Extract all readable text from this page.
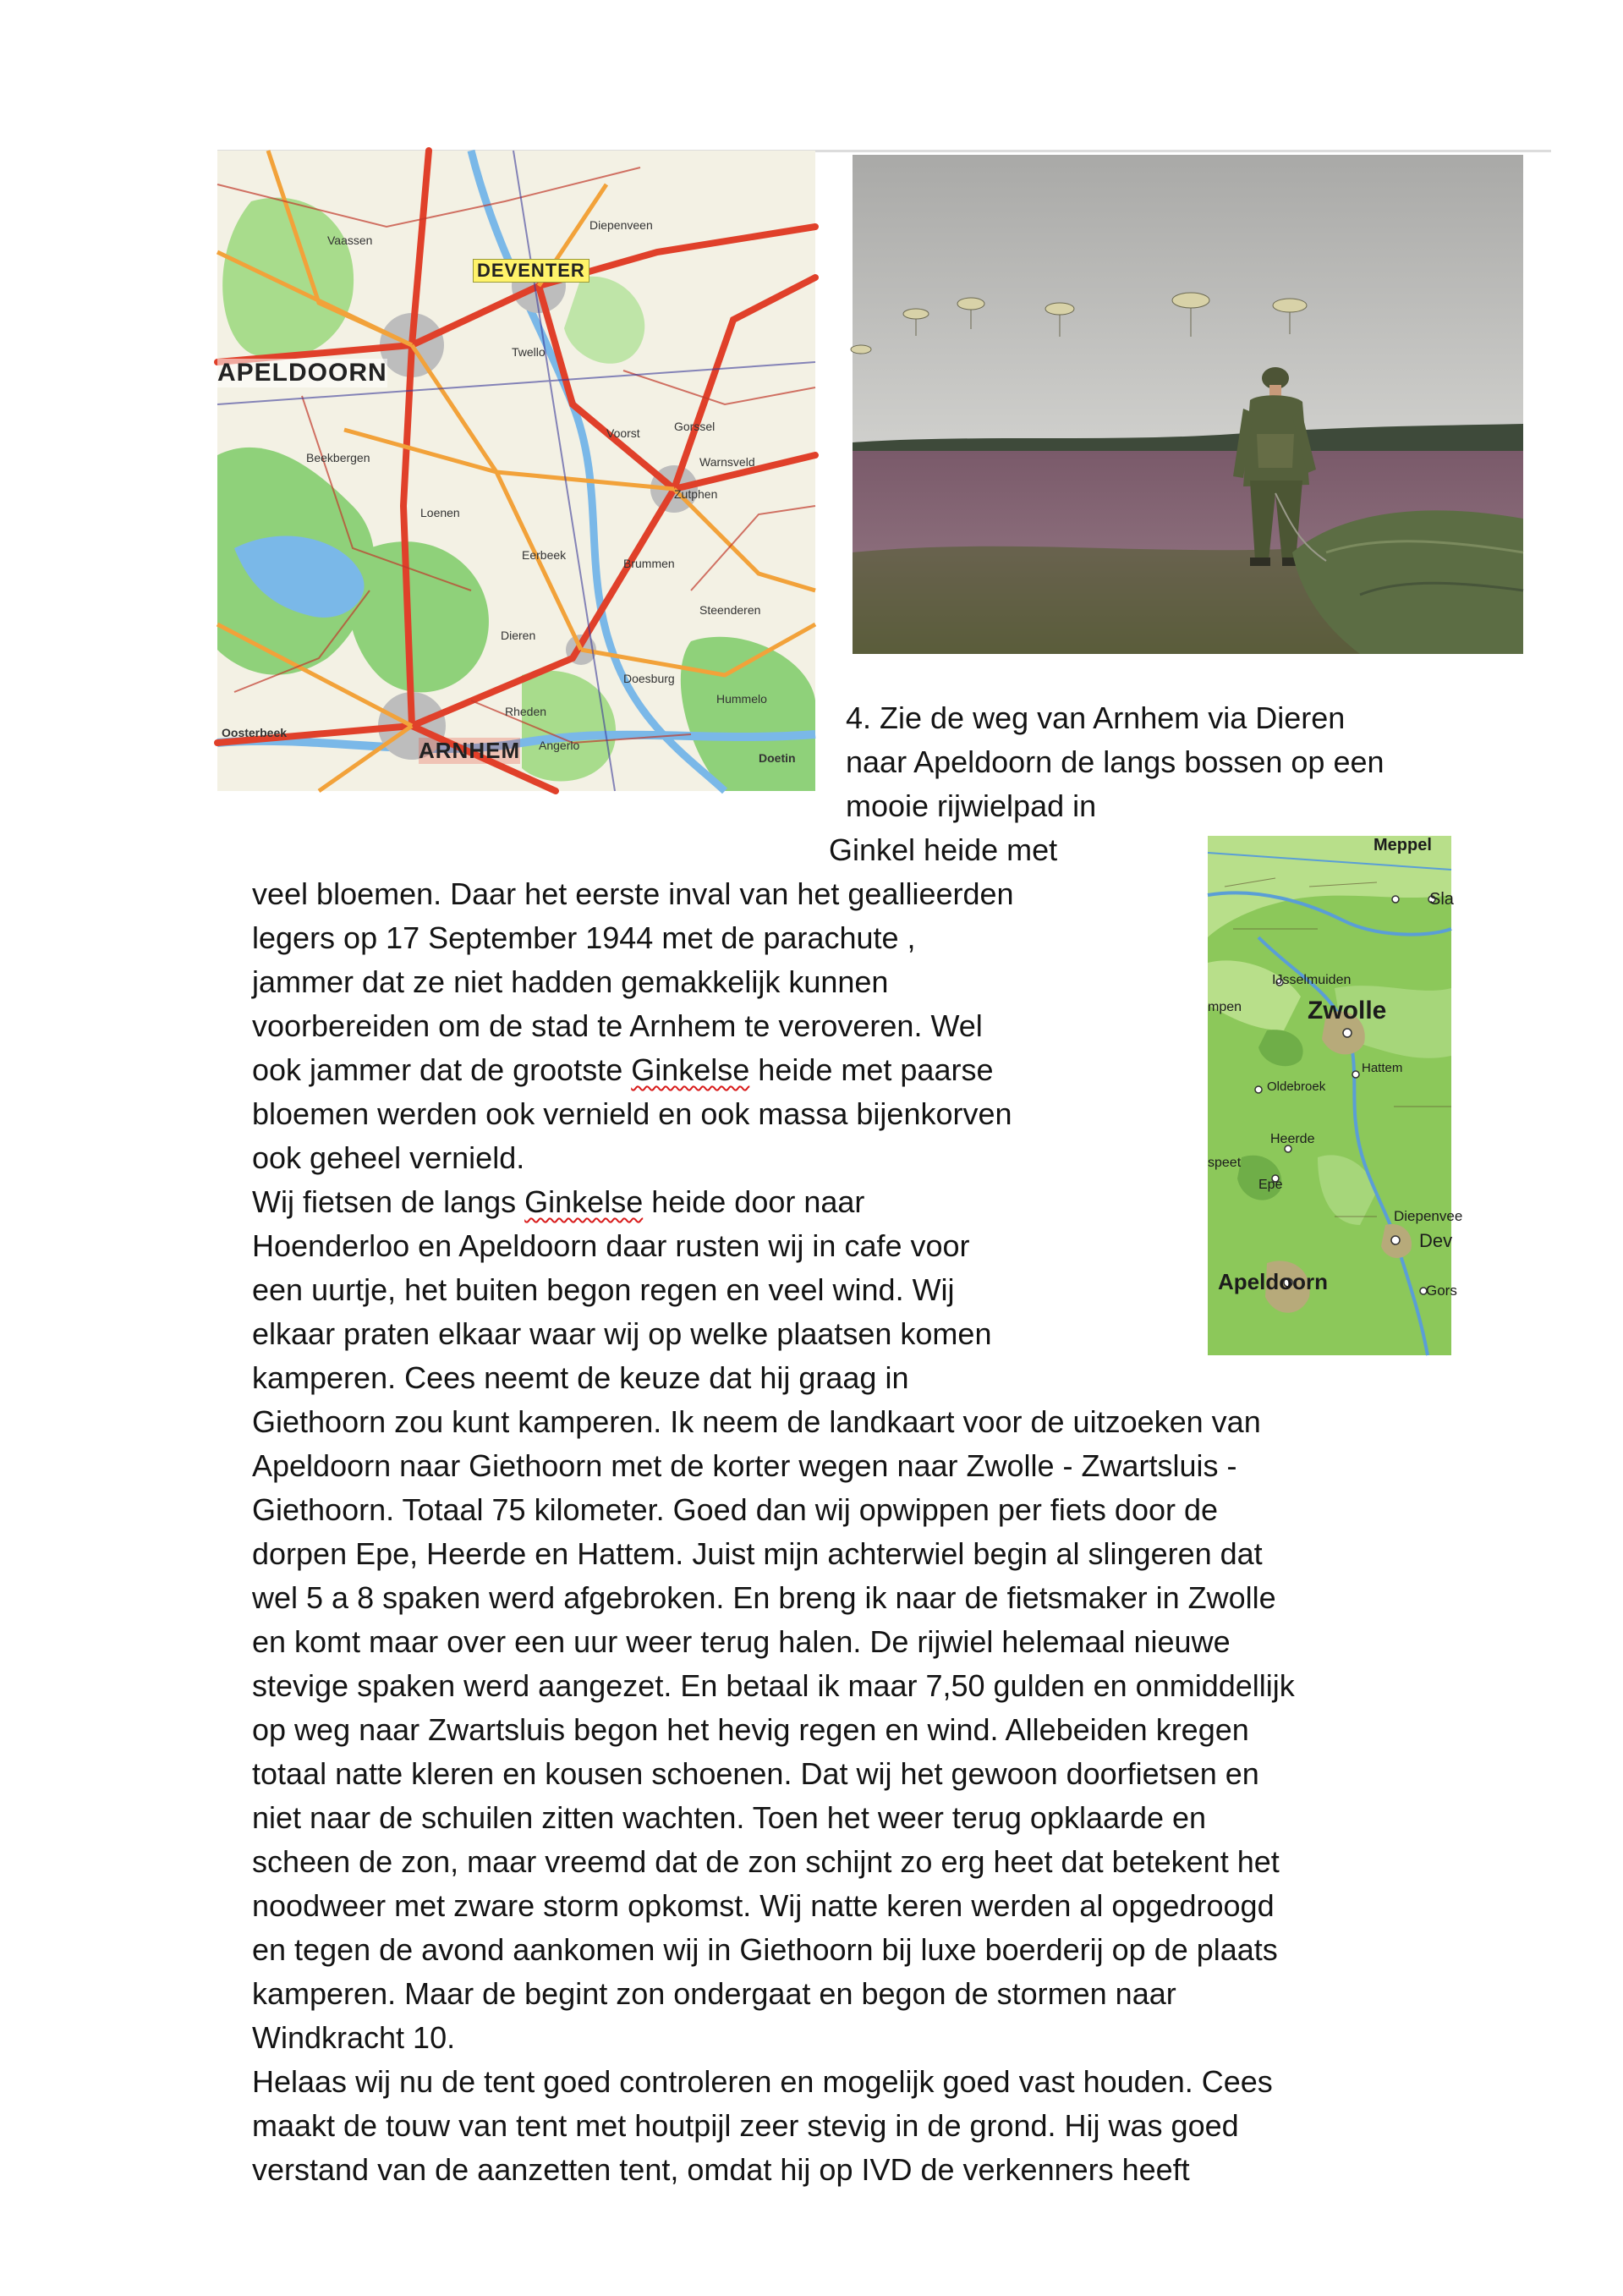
DEVENTER
APELDOORN
ARNHEM
Vaassen
Zutphen
Dieren
Doesburg
Gorssel
Voorst
Warnsveld
Brummen
Rheden
Loenen
Eerbeek
Beekbergen
Twello
Diepenveen
Hummelo
Angerlo
Oosterbeek
Steenderen
Doetin
Meppel
Sla
IJsselmuiden
mpen	Zwolle
Hattem
Oldebroek
Heerde
speet
Epe
Diepenvee
Dev
Apeldoorn	Gors
4. Zie de weg van Arnhem via Dieren
naar Apeldoorn de langs bossen op een
mooie rijwielpad in
Ginkel heide met
veel bloemen. Daar het eerste inval van het geallieerden
legers op 17 September 1944 met de parachute ,
jammer dat ze niet hadden gemakkelijk kunnen
voorbereiden om de stad te Arnhem te veroveren. Wel
ook jammer dat de grootste Ginkelse heide met paarse
bloemen werden ook vernield en ook massa bijenkorven
ook geheel vernield.
Wij fietsen de langs Ginkelse heide door naar
Hoenderloo en Apeldoorn daar rusten wij in cafe voor
een uurtje, het buiten begon regen en veel wind. Wij
elkaar praten elkaar waar wij op welke plaatsen komen
kamperen. Cees neemt de keuze dat hij graag in
Giethoorn zou kunt kamperen. Ik neem de landkaart voor de uitzoeken van
Apeldoorn naar Giethoorn met de korter wegen naar Zwolle - Zwartsluis -
Giethoorn. Totaal 75 kilometer. Goed dan wij opwippen per fiets door de
dorpen Epe, Heerde en Hattem. Juist mijn achterwiel begin al slingeren dat
wel 5 a 8 spaken werd afgebroken. En breng ik naar de fietsmaker in Zwolle
en komt maar over een uur weer terug halen. De rijwiel helemaal nieuwe
stevige spaken werd aangezet. En betaal ik maar 7,50 gulden en onmiddellijk
op weg naar Zwartsluis begon het hevig regen en wind. Allebeiden kregen
totaal natte kleren en kousen schoenen. Dat wij het gewoon doorfietsen en
niet naar de schuilen zitten wachten. Toen het weer terug opklaarde en
scheen de zon, maar vreemd dat de zon schijnt zo erg heet dat betekent het
noodweer met zware storm opkomst. Wij natte keren werden al opgedroogd
en tegen de avond aankomen wij in Giethoorn bij luxe boerderij op de plaats
kamperen. Maar de begint zon ondergaat en begon de stormen naar
Windkracht 10.
Helaas wij nu de tent goed controleren en mogelijk goed vast houden. Cees
maakt de touw van tent met houtpijl zeer stevig in de grond. Hij was goed
verstand van de aanzetten tent, omdat hij op IVD de verkenners heeft
